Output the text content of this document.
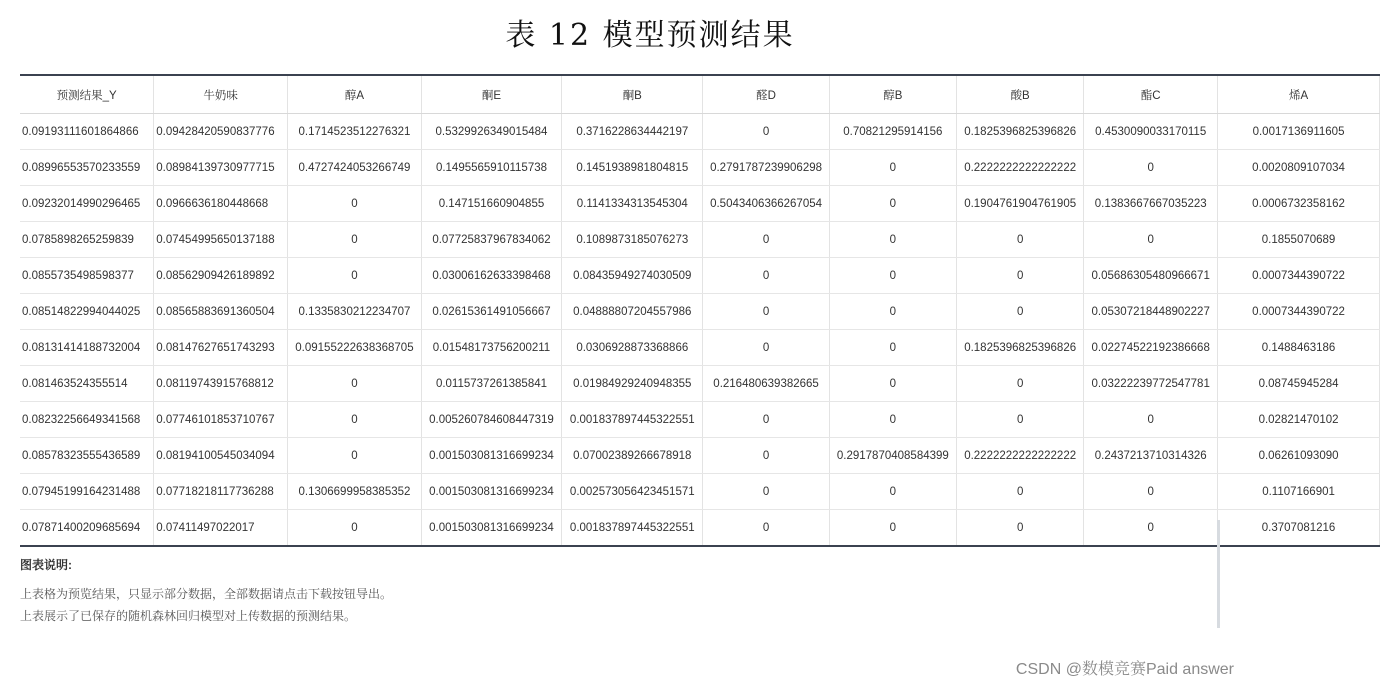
表 12 模型预测结果
预测结果_Y	牛奶味	醇A	酮E	酮B	醛D	醇B	酸B	酯C	烯A
0.09193111601864866	0.09428420590837776	0.1714523512276321	0.5329926349015484	0.3716228634442197	0	0.70821295914156	0.1825396825396826	0.4530090033170115	0.0017136911605
0.08996553570233559	0.08984139730977715	0.4727424053266749	0.1495565910115738	0.1451938981804815	0.2791787239906298	0	0.2222222222222222	0	0.0020809107034
0.09232014990296465	0.0966636180448668	0	0.147151660904855	0.1141334313545304	0.5043406366267054	0	0.1904761904761905	0.1383667667035223	0.0006732358162
0.0785898265259839	0.07454995650137188	0	0.07725837967834062	0.1089873185076273	0	0	0	0	0.1855070689
0.0855735498598377	0.08562909426189892	0	0.03006162633398468	0.08435949274030509	0	0	0	0.05686305480966671	0.0007344390722
0.08514822994044025	0.08565883691360504	0.1335830212234707	0.02615361491056667	0.04888807204557986	0	0	0	0.05307218448902227	0.0007344390722
0.08131414188732004	0.08147627651743293	0.09155222638368705	0.01548173756200211	0.0306928873368866	0	0	0.1825396825396826	0.02274522192386668	0.1488463186
0.081463524355514	0.08119743915768812	0	0.0115737261385841	0.01984929240948355	0.216480639382665	0	0	0.03222239772547781	0.08745945284
0.08232256649341568	0.07746101853710767	0	0.005260784608447319	0.001837897445322551	0	0	0	0	0.02821470102
0.08578323555436589	0.08194100545034094	0	0.001503081316699234	0.07002389266678918	0	0.2917870408584399	0.2222222222222222	0.2437213710314326	0.06261093090
0.07945199164231488	0.07718218117736288	0.1306699958385352	0.001503081316699234	0.002573056423451571	0	0	0	0	0.1107166901
0.07871400209685694	0.07411497022017	0	0.001503081316699234	0.001837897445322551	0	0	0	0	0.3707081216
图表说明:
上表格为预览结果，只显示部分数据，全部数据请点击下载按钮导出。
上表展示了已保存的随机森林回归模型对上传数据的预测结果。
CSDN @数模竞赛Paid answer
